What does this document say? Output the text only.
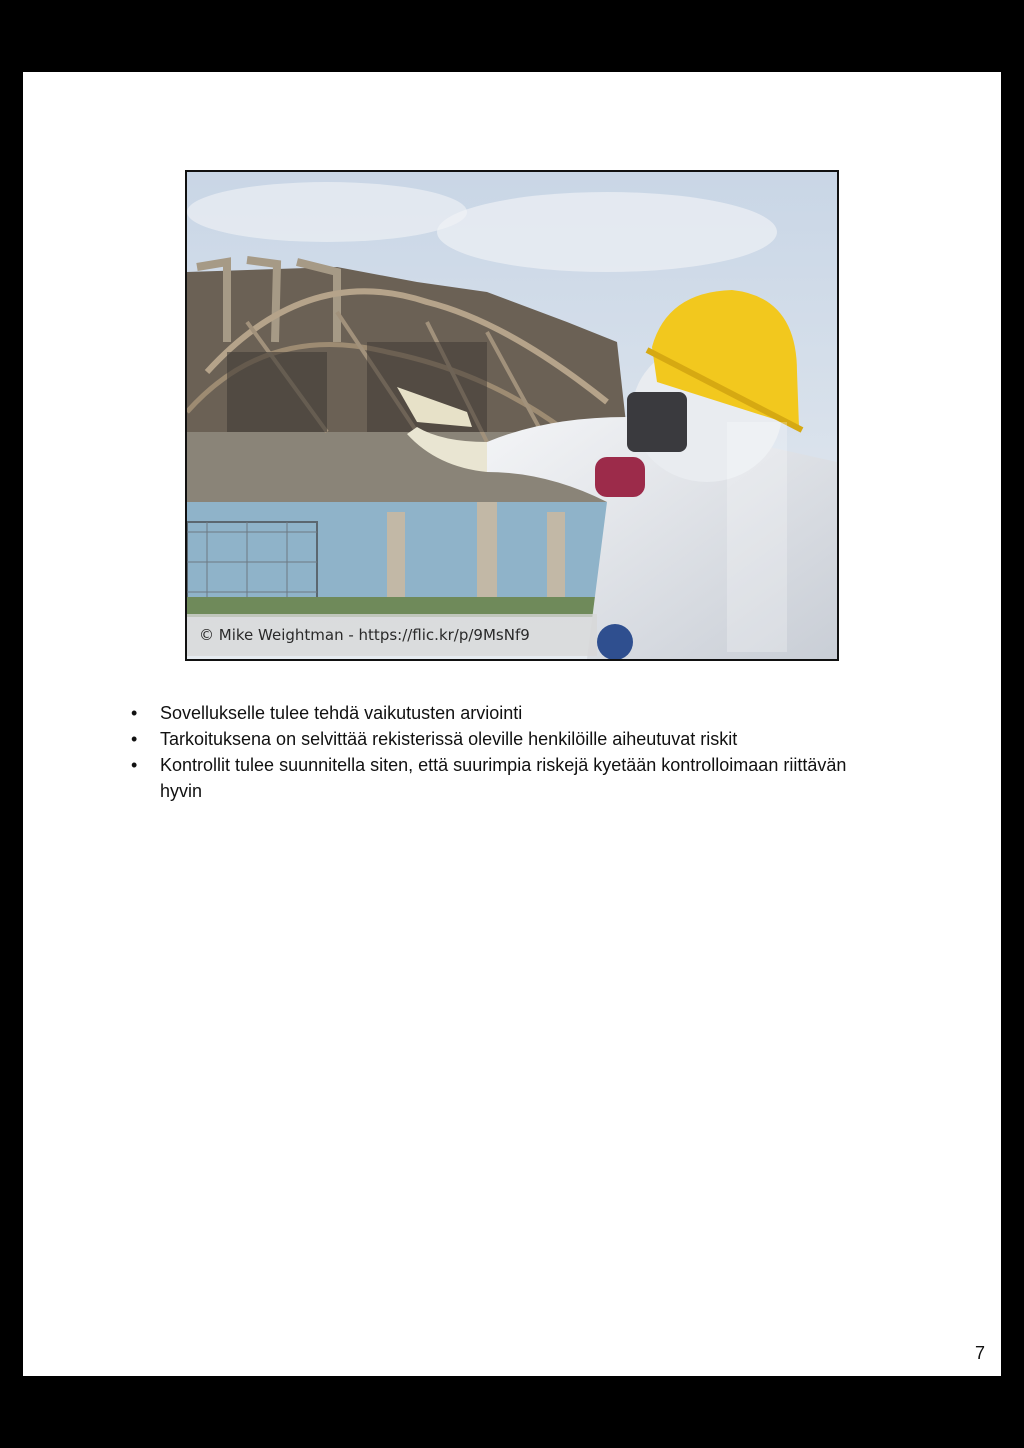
© Mike Weightman - https://flic.kr/p/9MsNf9
• Sovellukselle tulee tehdä vaikutusten arviointi
• Tarkoituksena on selvittää rekisterissä oleville henkilöille aiheutuvat riskit
• Kontrollit tulee suunnitella siten, että suurimpia riskejä kyetään kontrolloimaan riittävän hyvin
7
